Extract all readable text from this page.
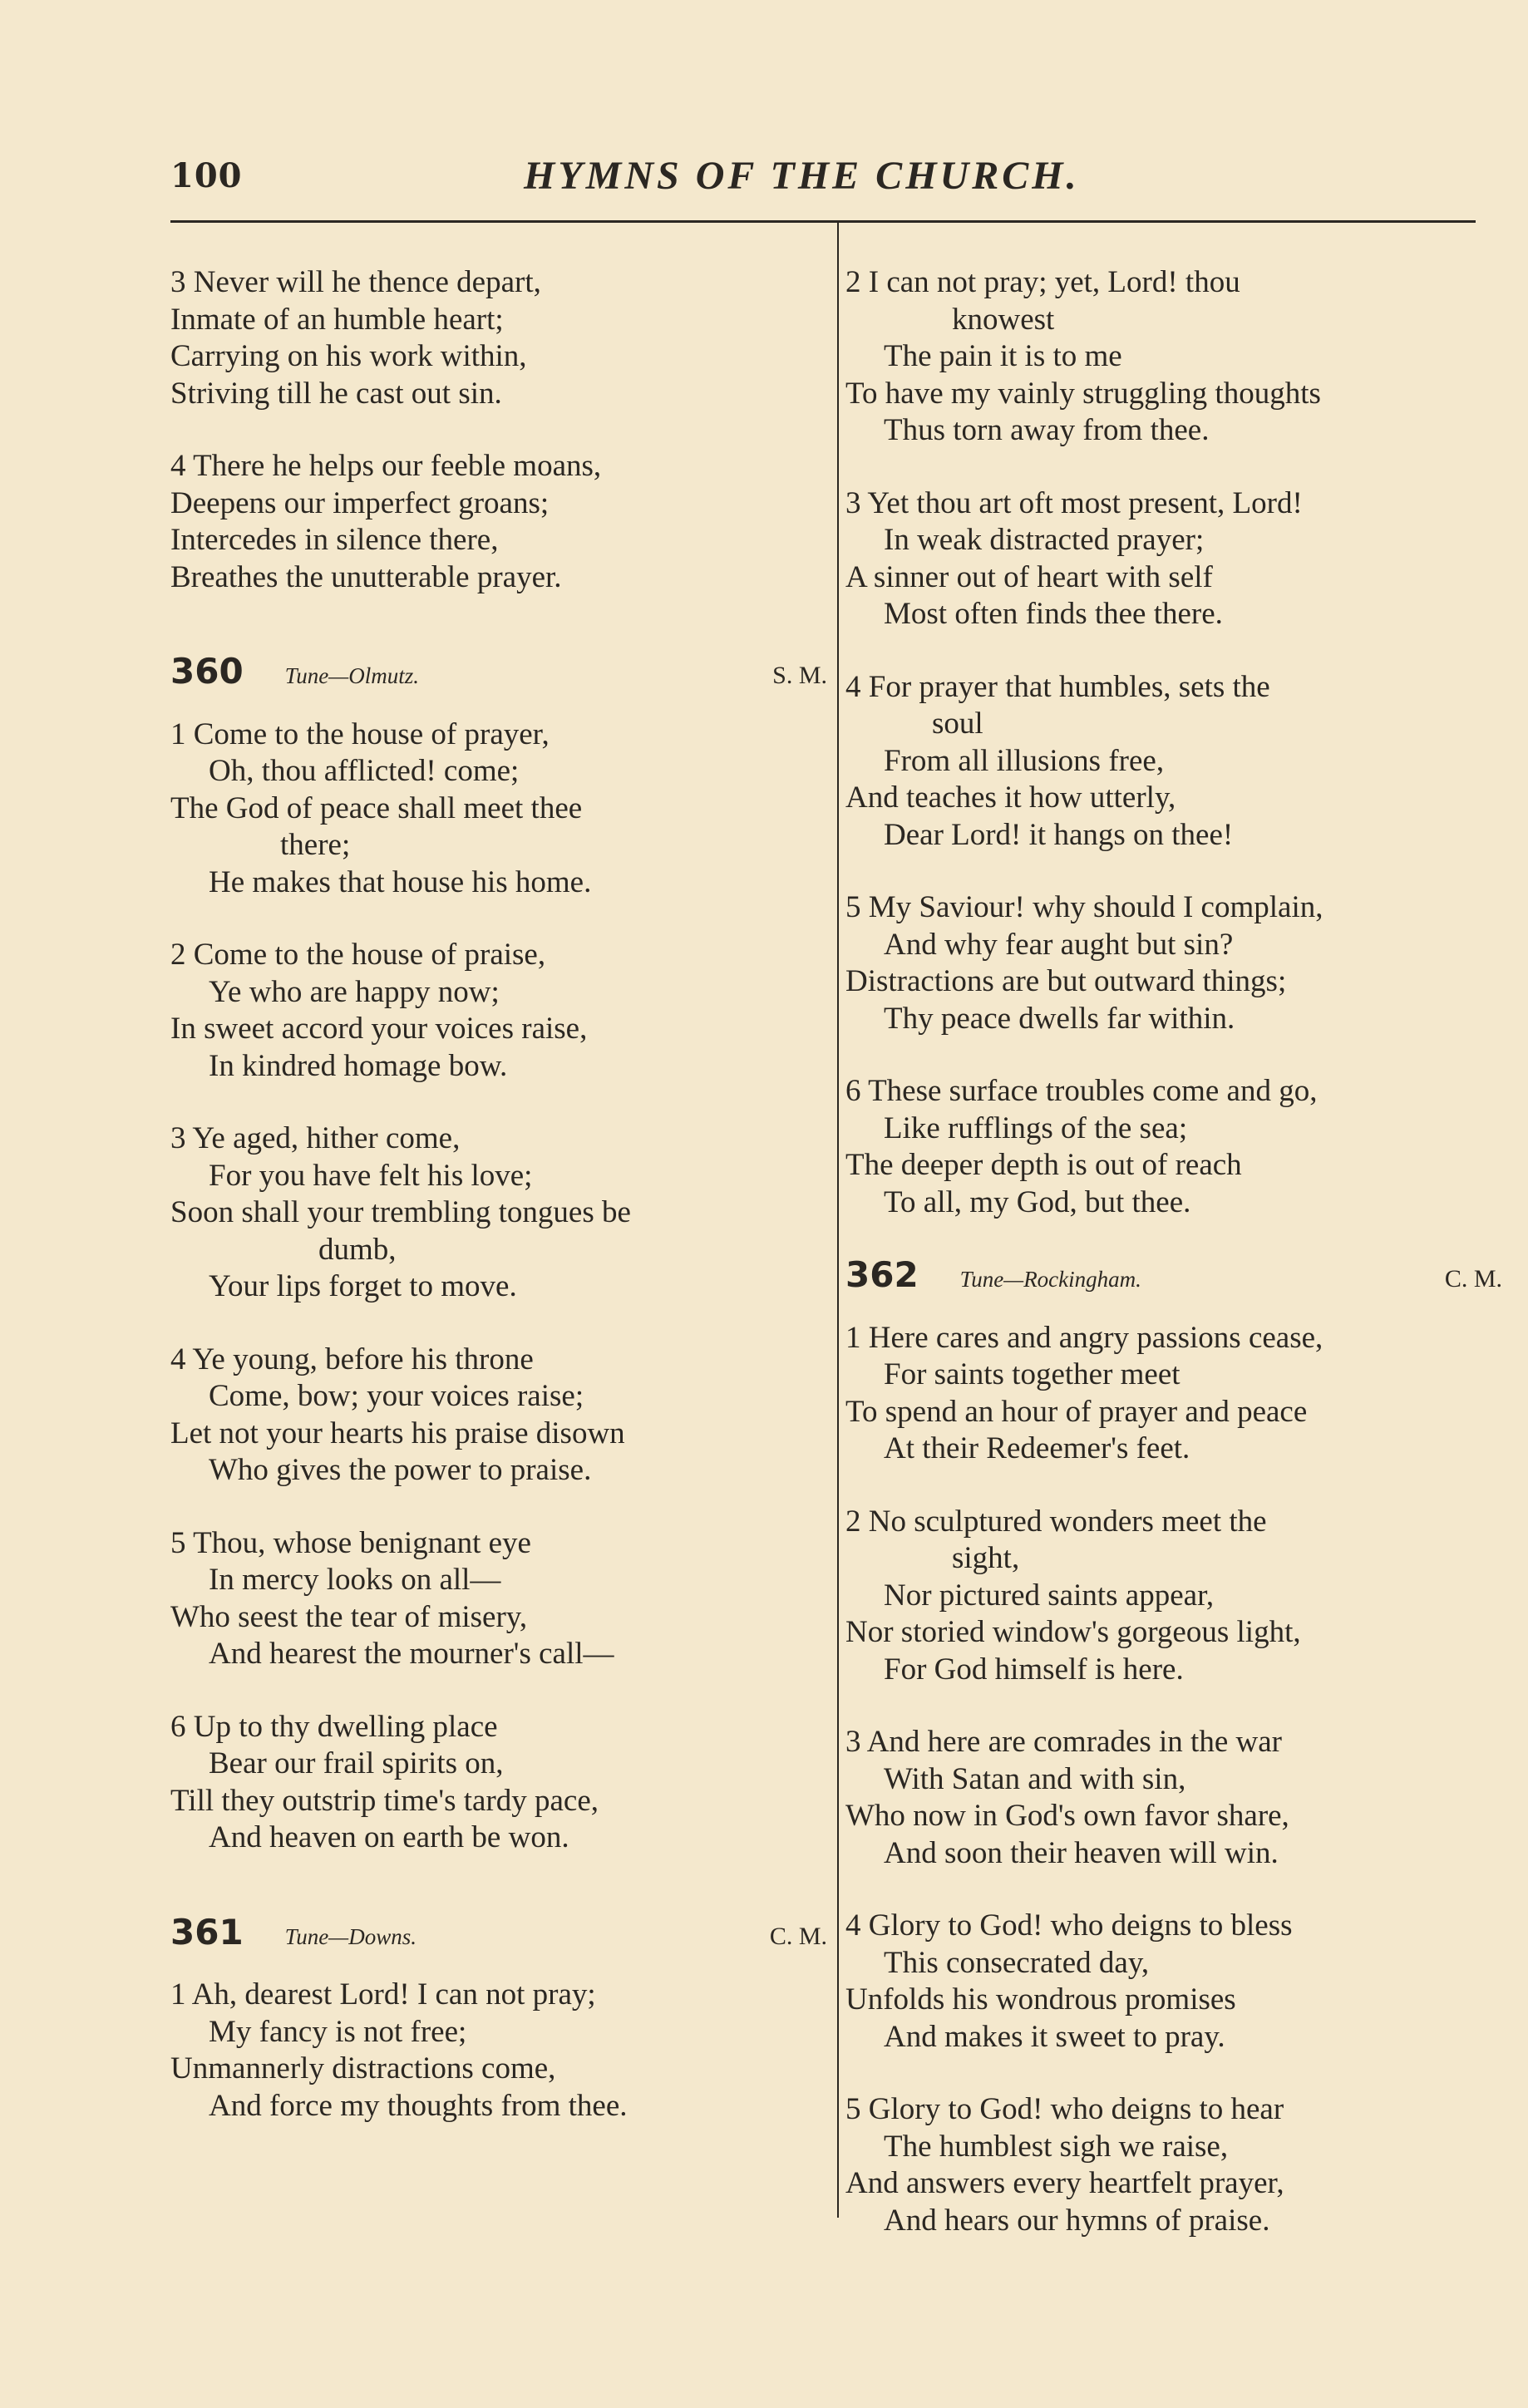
100	HYMNS OF THE CHURCH.
3 Never will he thence depart,
Inmate of an humble heart;
Carrying on his work within,
Striving till he cast out sin.
4 There he helps our feeble moans,
Deepens our imperfect groans;
Intercedes in silence there,
Breathes the unutterable prayer.
360	Tune—Olmutz.	S. M.
1 Come to the house of prayer,
Oh, thou afflicted! come;
The God of peace shall meet thee
there;
He makes that house his home.
2 Come to the house of praise,
Ye who are happy now;
In sweet accord your voices raise,
In kindred homage bow.
3 Ye aged, hither come,
For you have felt his love;
Soon shall your trembling tongues be
dumb,
Your lips forget to move.
4 Ye young, before his throne
Come, bow; your voices raise;
Let not your hearts his praise disown
Who gives the power to praise.
5 Thou, whose benignant eye
In mercy looks on all—
Who seest the tear of misery,
And hearest the mourner's call—
6 Up to thy dwelling place
Bear our frail spirits on,
Till they outstrip time's tardy pace,
And heaven on earth be won.
361	Tune—Downs.	C. M.
1 Ah, dearest Lord! I can not pray;
My fancy is not free;
Unmannerly distractions come,
And force my thoughts from thee.
2 I can not pray; yet, Lord! thou
knowest
The pain it is to me
To have my vainly struggling thoughts
Thus torn away from thee.
3 Yet thou art oft most present, Lord!
In weak distracted prayer;
A sinner out of heart with self
Most often finds thee there.
4 For prayer that humbles, sets the
soul
From all illusions free,
And teaches it how utterly,
Dear Lord! it hangs on thee!
5 My Saviour! why should I complain,
And why fear aught but sin?
Distractions are but outward things;
Thy peace dwells far within.
6 These surface troubles come and go,
Like rufflings of the sea;
The deeper depth is out of reach
To all, my God, but thee.
362	Tune—Rockingham.	C. M.
1 Here cares and angry passions cease,
For saints together meet
To spend an hour of prayer and peace
At their Redeemer's feet.
2 No sculptured wonders meet the
sight,
Nor pictured saints appear,
Nor storied window's gorgeous light,
For God himself is here.
3 And here are comrades in the war
With Satan and with sin,
Who now in God's own favor share,
And soon their heaven will win.
4 Glory to God! who deigns to bless
This consecrated day,
Unfolds his wondrous promises
And makes it sweet to pray.
5 Glory to God! who deigns to hear
The humblest sigh we raise,
And answers every heartfelt prayer,
And hears our hymns of praise.
